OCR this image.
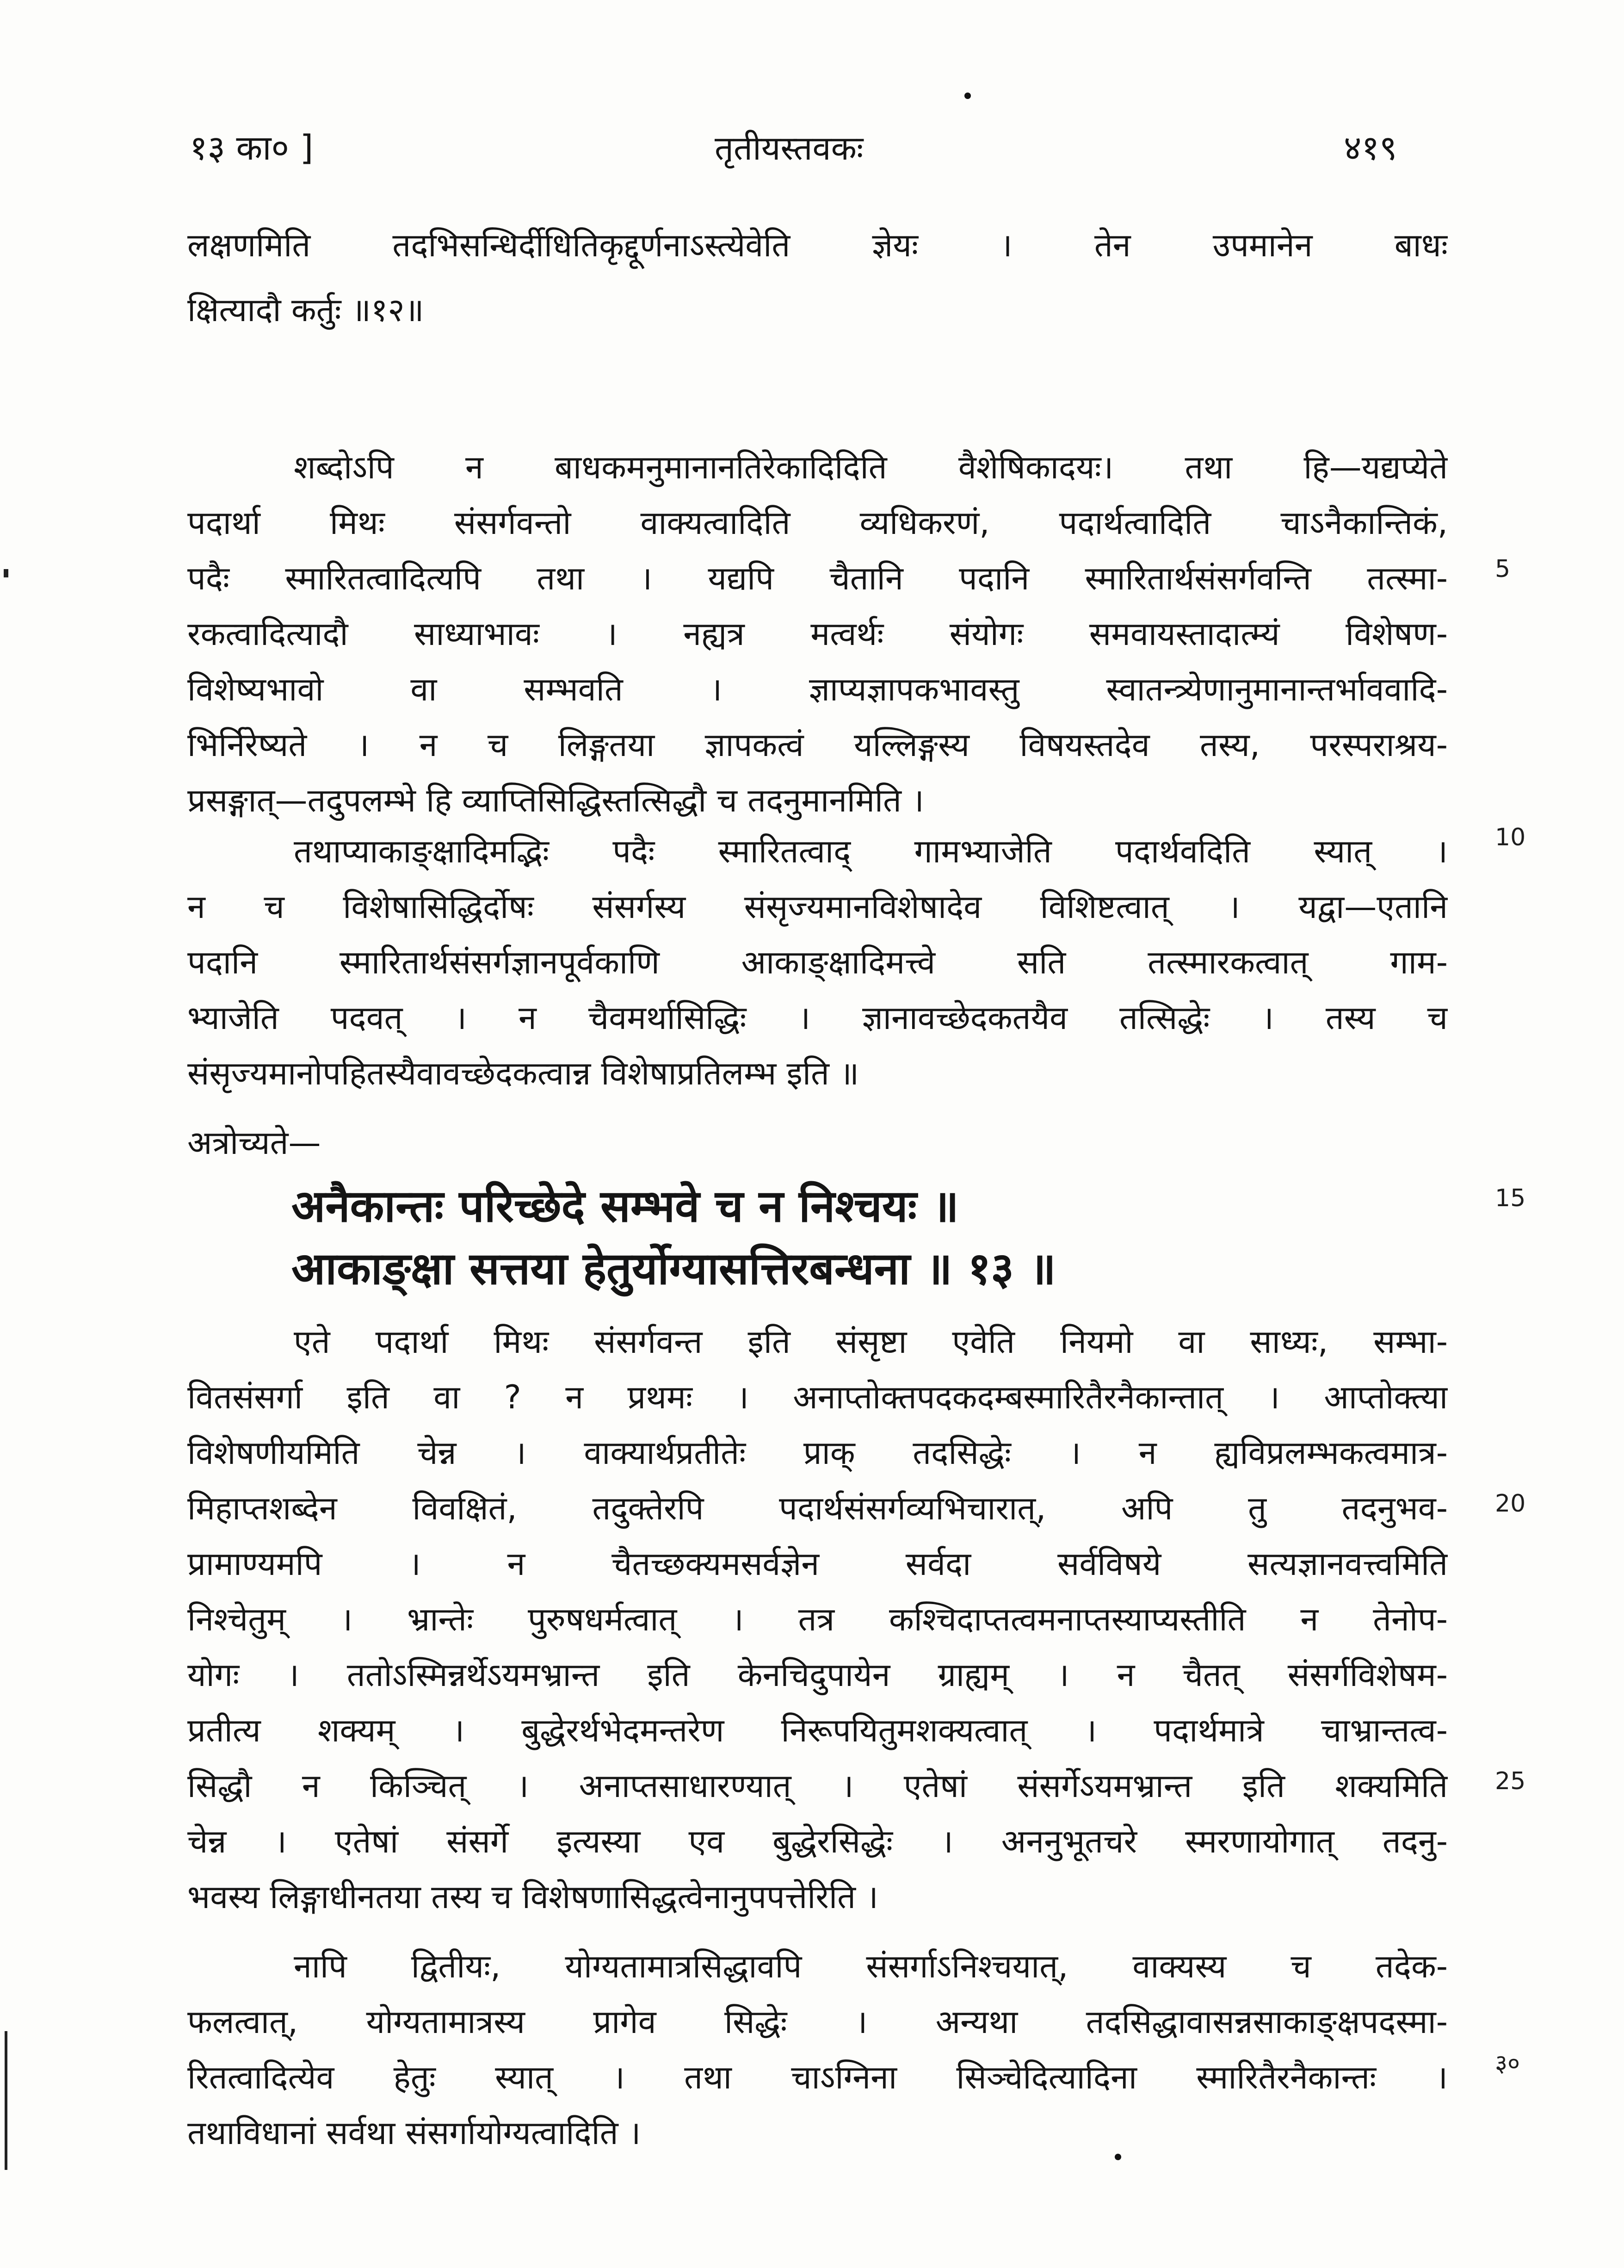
१३ का० ]	तृतीयस्तवकः	४१९
लक्षणमिति तदभिसन्धिर्दीधितिकृद्दूर्णनाऽस्त्येवेति ज्ञेयः । तेन उपमानेन बाधः
क्षित्यादौ कर्तुः ॥१२॥
शब्दोऽपि न बाधकमनुमानानतिरेकादिदिति वैशेषिकादयः। तथा हि—यद्यप्येते
पदार्था मिथः संसर्गवन्तो वाक्यत्वादिति व्यधिकरणं, पदार्थत्वादिति चाऽनैकान्तिकं,
पदैः स्मारितत्वादित्यपि तथा । यद्यपि चैतानि पदानि स्मारितार्थसंसर्गवन्ति तत्स्मा-
रकत्वादित्यादौ साध्याभावः । नह्यत्र मत्वर्थः संयोगः समवायस्तादात्म्यं विशेषण-
विशेष्यभावो वा सम्भवति । ज्ञाप्यज्ञापकभावस्तु स्वातन्त्र्येणानुमानान्तर्भाववादि-
भिर्निरेष्यते । न च लिङ्गतया ज्ञापकत्वं यल्लिङ्गस्य विषयस्तदेव तस्य, परस्पराश्रय-
प्रसङ्गात्—तदुपलम्भे हि व्याप्तिसिद्धिस्तत्सिद्धौ च तदनुमानमिति ।
तथाप्याकाङ्क्षादिमद्भिः पदैः स्मारितत्वाद् गामभ्याजेति पदार्थवदिति स्यात् ।
न च विशेषासिद्धिर्दोषः संसर्गस्य संसृज्यमानविशेषादेव विशिष्टत्वात् । यद्वा—एतानि
पदानि स्मारितार्थसंसर्गज्ञानपूर्वकाणि आकाङ्क्षादिमत्त्वे सति तत्स्मारकत्वात् गाम-
भ्याजेति पदवत् । न चैवमर्थासिद्धिः । ज्ञानावच्छेदकतयैव तत्सिद्धेः । तस्य च
संसृज्यमानोपहितस्यैवावच्छेदकत्वान्न विशेषाप्रतिलम्भ इति ॥
अत्रोच्यते—
अनैकान्तः परिच्छेदे सम्भवे च न निश्चयः ॥
आकाङ्क्षा सत्तया हेतुर्योग्यासत्तिरबन्धना ॥ १३ ॥
एते पदार्था मिथः संसर्गवन्त इति संसृष्टा एवेति नियमो वा साध्यः, सम्भा-
वितसंसर्गा इति वा ? न प्रथमः । अनाप्तोक्तपदकदम्बस्मारितैरनैकान्तात् । आप्तोक्त्या
विशेषणीयमिति चेन्न । वाक्यार्थप्रतीतेः प्राक् तदसिद्धेः । न ह्यविप्रलम्भकत्वमात्र-
मिहाप्तशब्देन विवक्षितं, तदुक्तेरपि पदार्थसंसर्गव्यभिचारात्, अपि तु तदनुभव-
प्रामाण्यमपि । न चैतच्छक्यमसर्वज्ञेन सर्वदा सर्वविषये सत्यज्ञानवत्त्वमिति
निश्चेतुम् । भ्रान्तेः पुरुषधर्मत्वात् । तत्र कश्चिदाप्तत्वमनाप्तस्याप्यस्तीति न तेनोप-
योगः । ततोऽस्मिन्नर्थेऽयमभ्रान्त इति केनचिदुपायेन ग्राह्यम् । न चैतत् संसर्गविशेषम-
प्रतीत्य शक्यम् । बुद्धेरर्थभेदमन्तरेण निरूपयितुमशक्यत्वात् । पदार्थमात्रे चाभ्रान्तत्व-
सिद्धौ न किञ्चित् । अनाप्तसाधारण्यात् । एतेषां संसर्गेऽयमभ्रान्त इति शक्यमिति
चेन्न । एतेषां संसर्गे इत्यस्या एव बुद्धेरसिद्धेः । अननुभूतचरे स्मरणायोगात् तदनु-
भवस्य लिङ्गाधीनतया तस्य च विशेषणासिद्धत्वेनानुपपत्तेरिति ।
नापि द्वितीयः, योग्यतामात्रसिद्धावपि संसर्गाऽनिश्चयात्, वाक्यस्य च तदेक-
फलत्वात्, योग्यतामात्रस्य प्रागेव सिद्धेः । अन्यथा तदसिद्धावासन्नसाकाङ्क्षपदस्मा-
रितत्वादित्येव हेतुः स्यात् । तथा चाऽग्निना सिञ्चेदित्यादिना स्मारितैरनैकान्तः ।
तथाविधानां सर्वथा संसर्गायोग्यत्वादिति ।
5
10
15
20
25
३०
